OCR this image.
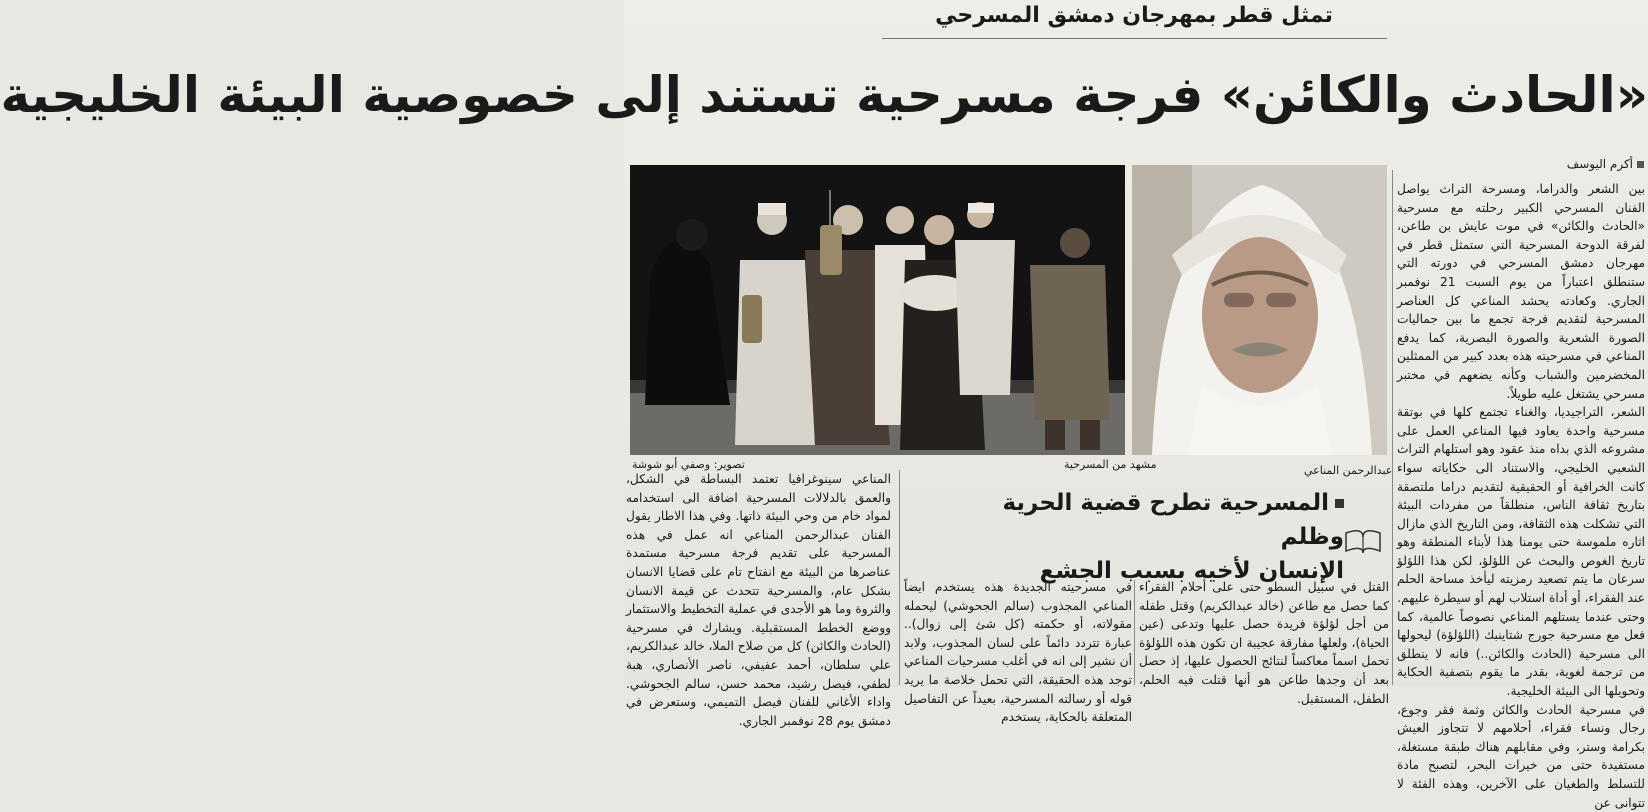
تمثل قطر بمهرجان دمشق المسرحي
«الحادث والكائن» فرجة مسرحية تستند إلى خصوصية البيئة الخليجية
أكرم اليوسف
مشهد من المسرحية
تصوير: وصفي أبو شوشة	عبدالرحمن المناعي

بين الشعر والدراما، ومسرحة التراث يواصل الفنان المسرحي الكبير رحلته مع مسرحية «الحادث والكائن» في موت عايش بن طاعن، لفرقة الدوحة المسرحية التي ستمثل قطر في مهرجان دمشق المسرحي في دورته التي ستنطلق اعتباراً من يوم السبت 21 نوفمبر الجاري. وكعادته يحشد المناعي كل العناصر المسرحية لتقديم فرجة تجمع ما بين جماليات الصورة الشعرية والصورة البصرية، كما يدفع المناعي في مسرحيته هذه بعدد كبير من الممثلين المخضرمين والشباب وكأنه يضعهم في مختبر مسرحي يشتغل عليه طويلاً.

الشعر، التراجيديا، والغناء تجتمع كلها في بوتقة مسرحية واحدة يعاود فيها المناعي العمل على مشروعه الذي بداه منذ عقود وهو استلهام التراث الشعبي الخليجي، والاستناد الى حكاياته سواء كانت الخرافية أو الحقيقية لتقديم دراما ملتصقة بتاريخ ثقافة الناس، منطلقاً من مفردات البيئة التي تشكلت هذه الثقافة، ومن التاريخ الذي مازال اثاره ملموسة حتى يومنا هذا لأبناء المنطقة وهو تاريخ الغوص والبحث عن اللؤلؤ، لكن هذا اللؤلؤ سرعان ما يتم تصعيد رمزيته ليأخذ مساحة الحلم عند الفقراء، أو أداة استلاب لهم أو سيطرة عليهم.

وحتى عندما يستلهم المناعي نصوصاً عالمية، كما فعل مع مسرحية جورج شتاينبك (اللؤلؤة) ليحولها الى مسرحية (الحادث والكائن..) فانه لا ينطلق من ترجمة لغوية، بقدر ما يقوم بتصفية الحكاية وتحويلها الى البيئة الخليجية.

في مسرحية الحادث والكائن وثمة فقر وجوع، رجال ونساء فقراء، أحلامهم لا تتجاوز العيش بكرامة وستر، وفي مقابلهم هناك طبقة مستغلة، مستفيدة حتى من خيرات البحر، لتصبح مادة للتسلط والطغيان على الآخرين، وهذه الفئة لا تتوانى عن

المسرحية تطرح قضية الحرية وظلم
الإنسان لأخيه بسبب الجشع

القتل في سبيل السطو حتى على أحلام الفقراء كما حصل مع طاعن (خالد عبدالكريم) وقتل طفله من أجل لؤلؤة فريدة حصل عليها وتدعى (عين الحياة)، ولعلها مفارقة عجيبة ان تكون هذه اللؤلؤة تحمل اسماً معاكساً لنتائج الحصول عليها، إذ حصل بعد أن وجدها طاعن هو أنها قتلت فيه الحلم، الطفل، المستقبل.

في مسرحيته الجديدة هذه يستخدم ايضاً المناعي المجذوب (سالم الجحوشي) ليحمله مقولاته، أو حكمته (كل شئ إلى زوال).. عبارة تتردد دائماً على لسان المجذوب، ولابد أن نشير إلى انه في أغلب مسرحيات المناعي توجد هذه الحقيقة، التي تحمل خلاصة ما يريد قوله أو رسالته المسرحية، بعيداً عن التفاصيل المتعلقة بالحكاية، يستخدم

المناعي سينوغرافيا تعتمد البساطة في الشكل، والعمق بالدلالات المسرحية اضافة الى استخدامه لمواد خام من وحي البيئة ذاتها. وفي هذا الاطار يقول الفنان عبدالرحمن المناعي انه عمل في هذه المسرحية على تقديم فرجة مسرحية مستمدة عناصرها من البيئة مع انفتاح تام على قضايا الانسان بشكل عام، والمسرحية تتحدث عن قيمة الانسان والثروة وما هو الأجدى في عملية التخطيط والاستثمار ووضع الخطط المستقبلية. ويشارك في مسرحية (الحادث والكائن) كل من صلاح الملا، خالد عبدالكريم، علي سلطان، أحمد عفيفي، ناصر الأنصاري، هبة لطفي، فيصل رشيد، محمد حسن، سالم الجحوشي. واداء الأغاني للفنان فيصل التميمي، وستعرض في دمشق يوم 28 نوفمبر الجاري.
